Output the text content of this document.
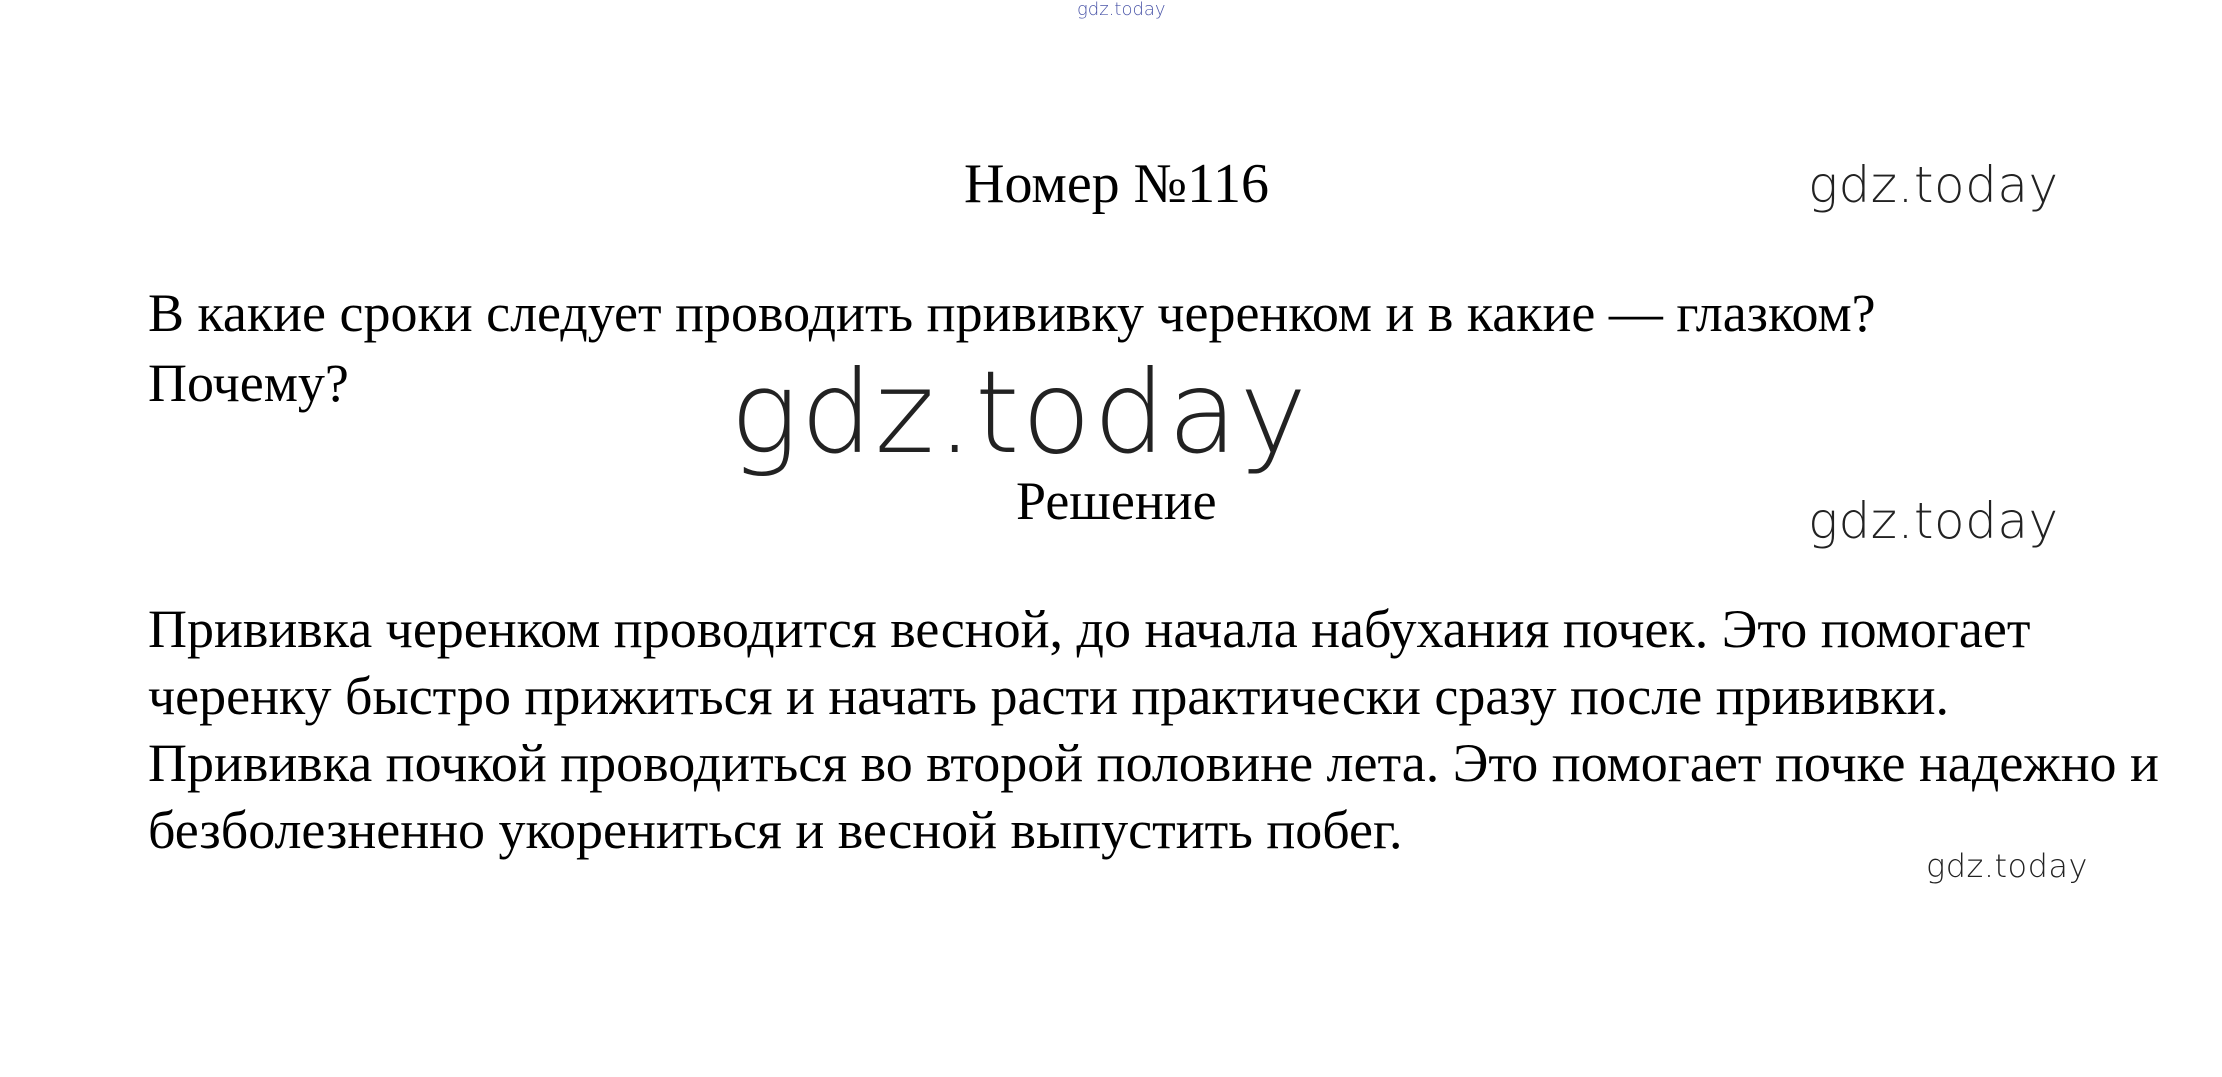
gdz.today
Номер №116	gdz.today
В какие сроки следует проводить прививку черенком и в какие — глазком?
Почему?	gdz.today
Решение	gdz.today

Прививка черенком проводится весной, до начала набухания почек. Это помогает черенку быстро прижиться и начать расти практически сразу после прививки.

Прививка почкой проводиться во второй половине лета. Это помогает почке надежно и безболезненно укорениться и весной выпустить побег.

gdz.today
